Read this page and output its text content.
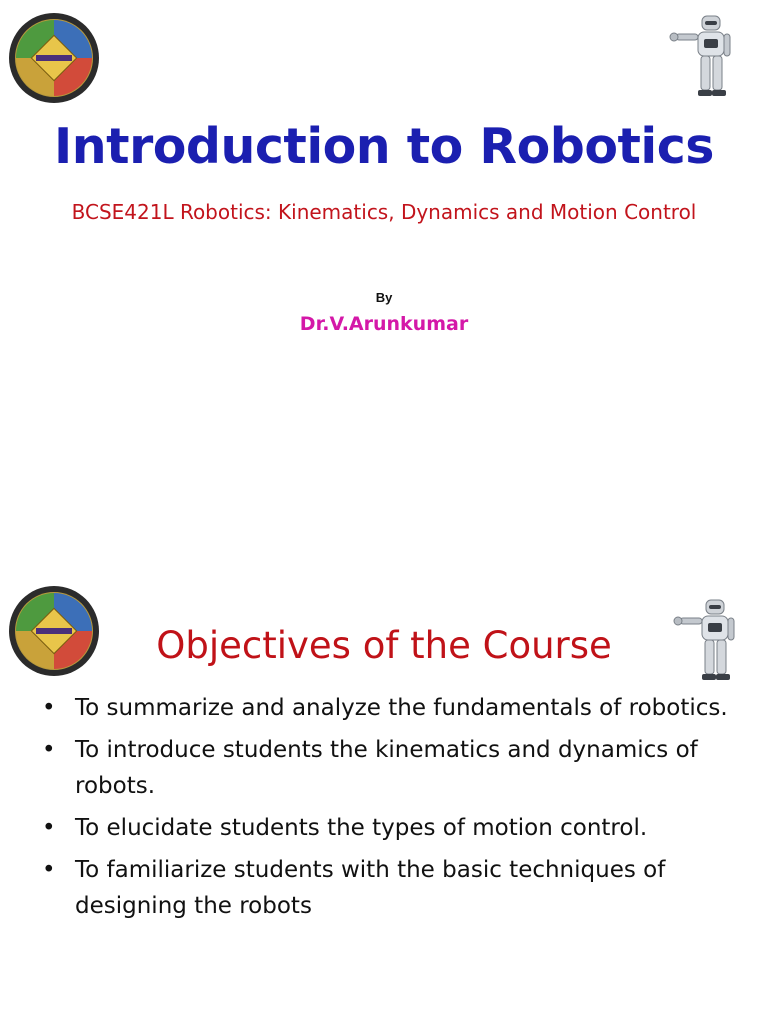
Introduction to Robotics
BCSE421L Robotics: Kinematics, Dynamics and Motion Control
By
Dr.V.Arunkumar
Objectives of the Course
• To summarize and analyze the fundamentals of robotics.
• To introduce students the kinematics and dynamics of robots.
• To elucidate students the types of motion control.
• To familiarize students with the basic techniques of designing the robots
